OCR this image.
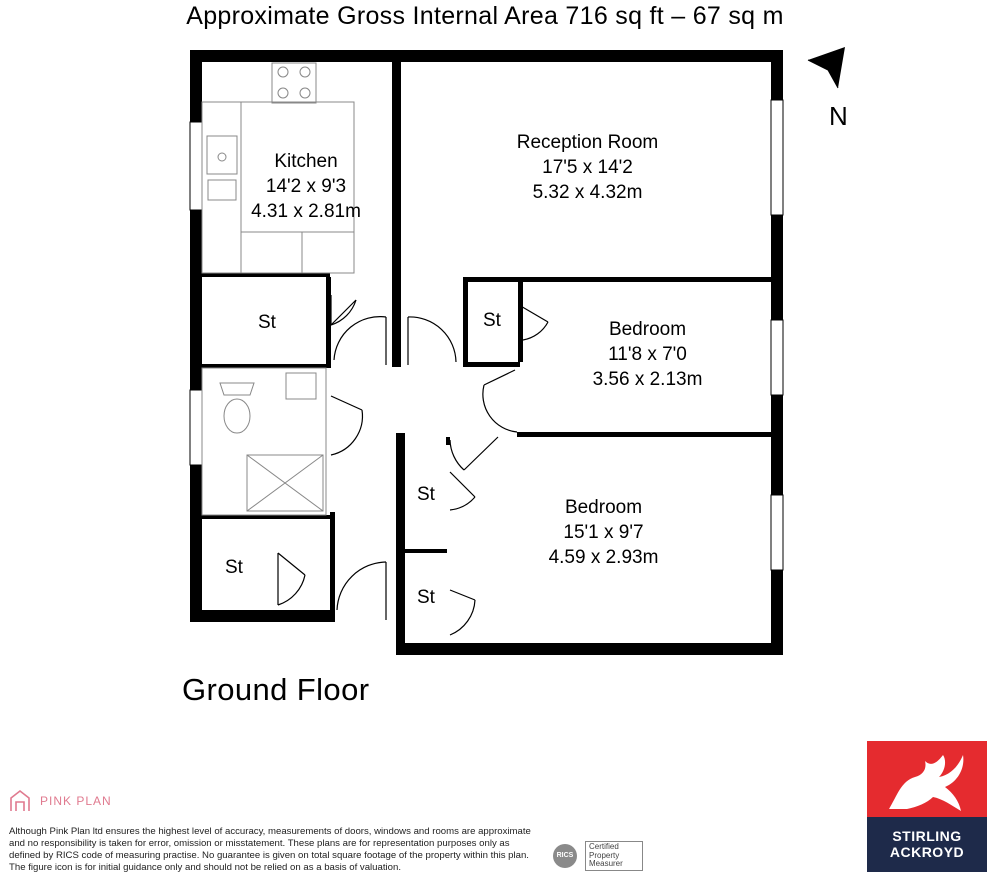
Approximate Gross Internal Area 716 sq ft – 67 sq m
N
Kitchen
14'2 x 9'3
4.31 x 2.81m
Reception Room
17'5 x 14'2
5.32 x 4.32m
Bedroom
11'8 x 7'0
3.56 x 2.13m
Bedroom
15'1 x 9'7
4.59 x 2.93m
St	St
St
St
St
Ground Floor
PINK PLAN
Although Pink Plan ltd ensures the highest level of accuracy, measurements of doors, windows and rooms are approximate and no responsibility is taken for error, omission or misstatement. These plans are for representation purposes only as defined by RICS code of measuring practise. No guarantee is given on total square footage of the property within this plan. The figure icon is for initial guidance only and should not be relied on as a basis of valuation.
RICS
Certified
Property
Measurer
STIRLING
ACKROYD
